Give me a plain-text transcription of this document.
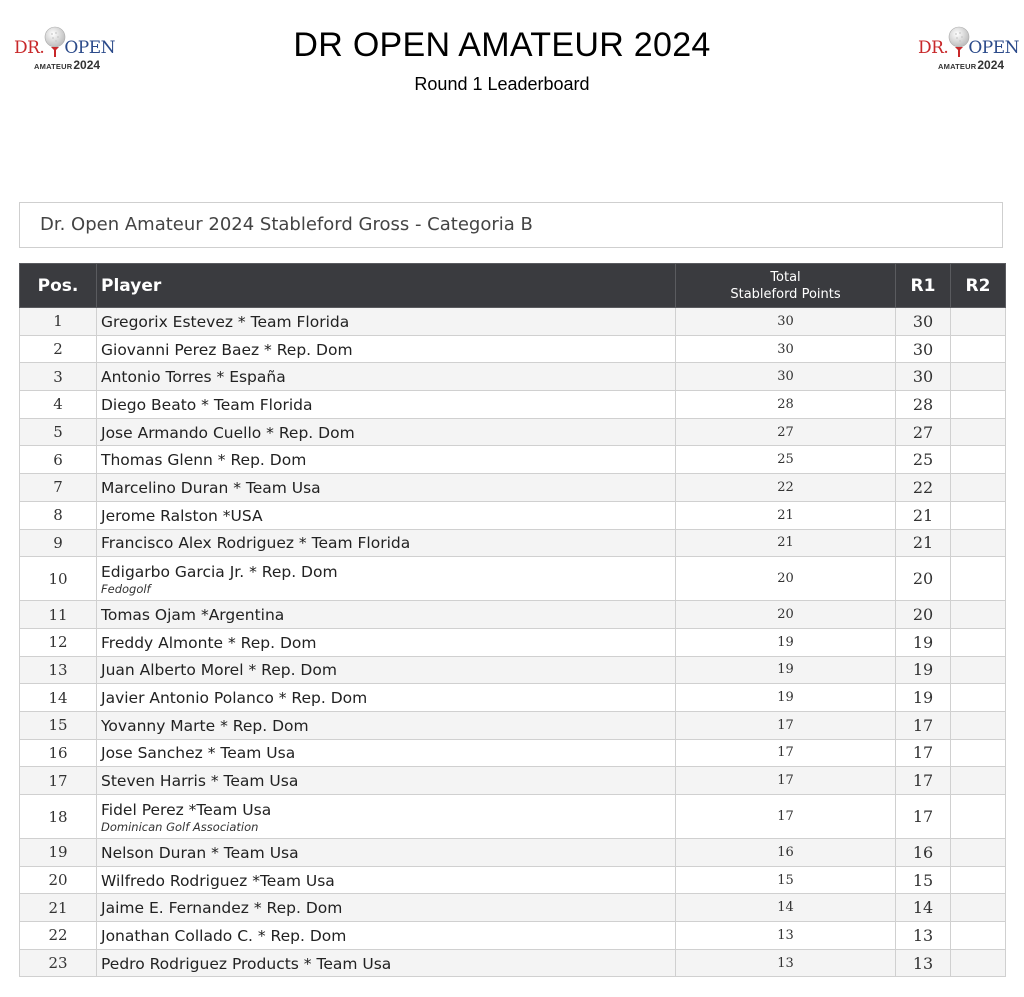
DR. OPEN
AMATEUR2024
DR. OPEN
AMATEUR2024
DR OPEN AMATEUR 2024
Round 1 Leaderboard
Dr. Open Amateur 2024 Stableford Gross - Categoria B
Pos.	Player	Total
Stableford Points	R1	R2
1	Gregorix Estevez * Team Florida	30	30	
2	Giovanni Perez Baez * Rep. Dom	30	30	
3	Antonio Torres * España	30	30	
4	Diego Beato * Team Florida	28	28	
5	Jose Armando Cuello * Rep. Dom	27	27	
6	Thomas Glenn * Rep. Dom	25	25	
7	Marcelino Duran * Team Usa	22	22	
8	Jerome Ralston *USA	21	21	
9	Francisco Alex Rodriguez * Team Florida	21	21	
10	Edigarbo Garcia Jr. * Rep. Dom
Fedogolf	20	20	
11	Tomas Ojam *Argentina	20	20	
12	Freddy Almonte * Rep. Dom	19	19	
13	Juan Alberto Morel * Rep. Dom	19	19	
14	Javier Antonio Polanco * Rep. Dom	19	19	
15	Yovanny Marte * Rep. Dom	17	17	
16	Jose Sanchez * Team Usa	17	17	
17	Steven Harris * Team Usa	17	17	
18	Fidel Perez *Team Usa
Dominican Golf Association	17	17	
19	Nelson Duran * Team Usa	16	16	
20	Wilfredo Rodriguez *Team Usa	15	15	
21	Jaime E. Fernandez * Rep. Dom	14	14	
22	Jonathan Collado C. * Rep. Dom	13	13	
23	Pedro Rodriguez Products * Team Usa	13	13	
